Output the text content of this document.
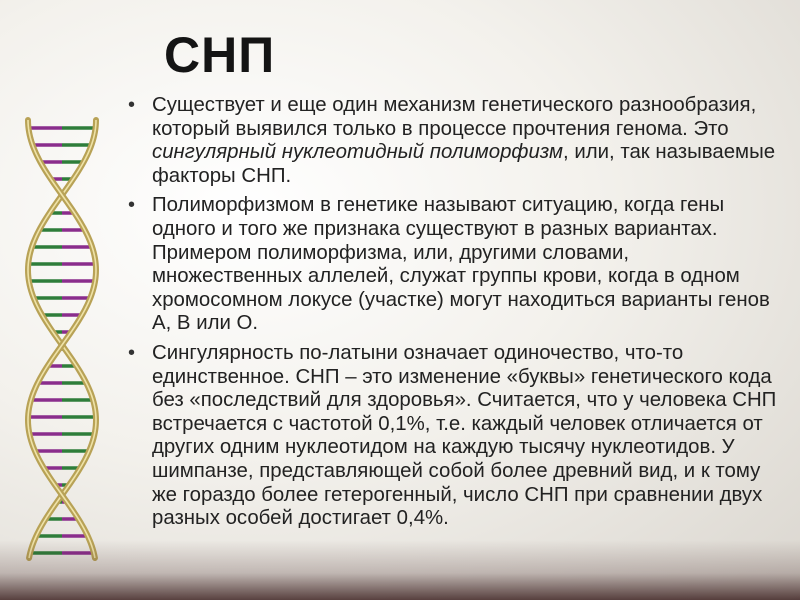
СНП
• Существует и еще один механизм генетического разнообразия, который выявился только в процессе прочтения генома. Это сингулярный нуклеотидный полиморфизм, или, так называемые факторы СНП.
• Полиморфизмом в генетике называют ситуацию, когда гены одного и того же признака существуют в разных вариантах. Примером полиморфизма, или, другими словами, множественных аллелей, служат группы крови, когда в одном хромосомном локусе (участке) могут находиться варианты генов А, В или О.
• Сингулярность по-латыни означает одиночество, что-то единственное. СНП – это изменение «буквы» генетического кода без «последствий для здоровья». Считается, что у человека СНП встречается с частотой 0,1%, т.е. каждый человек отличается от других одним нуклеотидом на каждую тысячу нуклеотидов. У шимпанзе, представляющей собой более древний вид, и к тому же гораздо более гетерогенный, число СНП при сравнении двух разных особей достигает 0,4%.
